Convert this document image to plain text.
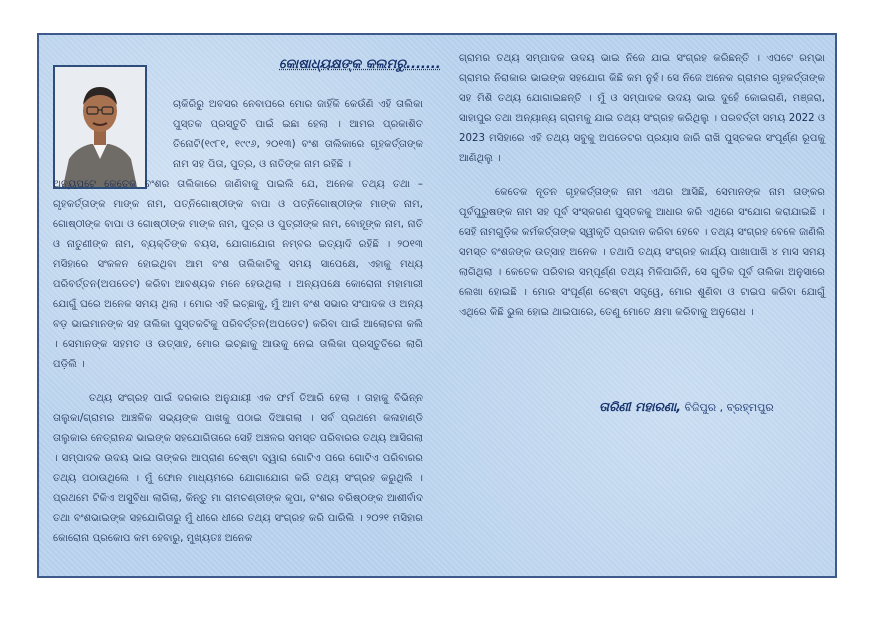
କୋଷାଧ୍ୟକ୍ଷଙ୍କ କଲମରୁ.......

ଚାକିରିରୁ ଅବସର ନେବାପରେ ମୋର ଜାହିଁକି କେଉଁଣି ଏହି ତାଲିକା ପୁସ୍ତକ ପ୍ରସ୍ତୁତି ପାଇଁ ଇଛା ହେଲା । ଆମର ପ୍ରକାଶିତ ତିନୋଟି(୧୯୮୧, ୧୯୯୬, ୨୦୧୩) ବଂଶ ତାଲିକାରେ ଗୃହକର୍ତ୍ତାଙ୍କ ନାମ ସହ ପିତା, ପୁତ୍ର, ଓ ନାତିଙ୍କ ନାମ ରହିଛି ।

ଅନ୍ୟପଟେ କେତେକ ବଂଶର ତାଲିକାରେ ଜାଣିବାକୁ ପାଇଲି ଯେ, ଅନେକ ତଥ୍ୟ ତଥା – ଗୃହକର୍ତ୍ତାଙ୍କ ମାଙ୍କ ନାମ, ପତ୍ନିଗୋଷ୍ଠୀଙ୍କ ବାପା ଓ ପତ୍ନିଗୋଷ୍ଠୀଙ୍କ ମାଙ୍କ ନାମ, ଗୋଷ୍ଠୀଙ୍କ ବାପା ଓ ଗୋଷ୍ଠୀଙ୍କ ମାଙ୍କ ନାମ, ପୁତ୍ର ଓ ପୁତ୍ରୀଙ୍କ ନାମ, ବୋହୂଙ୍କ ନାମ, ନାତି ଓ ନାତୁଣୀଙ୍କ ନାମ, ବ୍ୟକ୍ତିଙ୍କ ବୟସ, ଯୋଗାଯୋଗ ନମ୍ବର ଇତ୍ୟାଦି ରହିଛି । ୨୦୧୩ ମସିହାରେ ସଂକଳନ ହୋଇଥିବା ଆମ ବଂଶ ତାଲିକାଟିକୁ ସମୟ ସାପେକ୍ଷେ, ଏହାକୁ ମଧ୍ୟ ପରିବର୍ତ୍ତନ(ଅପଡେଟ) କରିବା ଆବଶ୍ୟକ ମନେ ହେଉଥିଲା । ଅନ୍ୟପକ୍ଷେ କୋରୋନା ମହାମାରୀ ଯୋଗୁଁ ଘରେ ଅନେକ ସମୟ ଥିଲା । ମୋର ଏହି ଇଚ୍ଛାକୁ, ମୁଁ ଆମ ବଂଶ ସଭାର ସଂପାଦକ ଓ ଅନ୍ୟ ବଡ଼ ଭାଇମାନଙ୍କ ସହ ତାଲିକା ପୁସ୍ତକଟିକୁ ପରିବର୍ତ୍ତନ(ଅପଡେଟ) କରିବା ପାଇଁ ଆଲୋଚନା କଲି । ସେମାନଙ୍କ ସହମତ ଓ ଉତ୍ସାହ, ମୋର ଇଚ୍ଛାକୁ ଆଉକୁ ନେଇ ତାଲିକା ପ୍ରସ୍ତୁତିରେ ଲାଗି ପଡ଼ିଲି ।

ତଥ୍ୟ ସଂଗ୍ରହ ପାଇଁ ଦରକାର ଅନୁଯାୟୀ ଏକ ଫର୍ମ ତିଆରି ହେଲା । ତାହାକୁ ବିଭିନ୍ନ ତାଲୁକା/ଗ୍ରାମର ଆଞ୍ଚଳିକ ସଭ୍ୟଙ୍କ ପାଖକୁ ପଠାଇ ଦିଆଗଲା । ସର୍ବ ପ୍ରଥମେ କଳାହାଣ୍ଡି ତାଲୁକାର ନେତ୍ରାନନ୍ଦ ଭାଇଙ୍କ ସହଯୋଗିତାରେ ସେହି ଅଞ୍ଚଳର ସମସ୍ତ ପରିବାରର ତଥ୍ୟ ଆସିଗଲା । ସମ୍ପାଦକ ଉଦୟ ଭାଇ ତାଙ୍କର ଆପ୍ରାଣ ଚେଷ୍ଟା ଦ୍ୱାରା ଗୋଟିଏ ପରେ ଗୋଟିଏ ପରିବାରର ତଥ୍ୟ ପଠାଉଥିଲେ । ମୁଁ ଫୋନ ମାଧ୍ୟମରେ ଯୋଗାଯୋଗ କରି ତଥ୍ୟ ସଂଗ୍ରହ କରୁଥିଲି । ପ୍ରଥମେ ଟିକିଏ ଅସୁବିଧା ଲାଗିଲା, କିନ୍ତୁ ମା ରାମଚଣ୍ଡୀଙ୍କ କୃପା, ବଂଶର ବରିଷ୍ଠଙ୍କ ଆଶୀର୍ବାଦ ତଥା ବଂଶଭାଇଙ୍କ ସହଯୋଗିତାରୁ ମୁଁ ଧୀରେ ଧୀରେ ତଥ୍ୟ ସଂଗ୍ରହ କରି ପାରିଲି । ୨୦୨୧ ମସିହାର କୋରୋନା ପ୍ରକୋପ କମ ହେବାରୁ, ମୁଖ୍ୟତଃ ଅନେକ

ଗ୍ରାମର ତଥ୍ୟ ସମ୍ପାଦକ ଉଦୟ ଭାଇ ନିଜେ ଯାଇ ସଂଗ୍ରହ କରିଛନ୍ତି । ଏପଟେ ରମ୍ଭା ଗ୍ରାମର ନିରାକାର ଭାଇଙ୍କ ସହଯୋଗ କିଛି କମ ନୁହଁ। ସେ ନିଜେ ଅନେକ ଗ୍ରାମର ଗୃହକର୍ତ୍ତାଙ୍କ ସହ ମିଶି ତଥ୍ୟ ଯୋଗାଇଛନ୍ତି । ମୁଁ ଓ ସମ୍ପାଦକ ଉଦୟ ଭାଇ ଦୁହେଁ କୋଇରାଣି, ମଞ୍ଜରା, ସାହାପୁର ତଥା ଅନ୍ୟାନ୍ୟ ଗ୍ରାମକୁ ଯାଇ ତଥ୍ୟ ସଂଗ୍ରହ କରିଥିଲୁ । ପରବର୍ତ୍ତୀ ସମୟ 2022 ଓ 2023 ମସିହାରେ ଏହି ତଥ୍ୟ ସବୁକୁ ଅପଡେଟର ପ୍ରୟାସ ଜାରି ରାଖି ପୁସ୍ତକର ସଂପୂର୍ଣ୍ଣ ରୂପକୁ ଆଣିଥିଲୁ ।

କେତେକ ନୂତନ ଗୃହକର୍ତ୍ତାଙ୍କ ନାମ ଏଥର ଆସିଛି, ସେମାନଙ୍କ ନାମ ତାଙ୍କର ପୂର୍ବପୁରୁଷଙ୍କ ନାମ ସହ ପୂର୍ବ ସଂସ୍କରଣ ପୁସ୍ତକକୁ ଆଧାର କରି ଏଥିରେ ସଂଯୋଗ କରାଯାଇଛି । ସେହି ନାମଗୁଡ଼ିକ କର୍ମକର୍ତ୍ତାଙ୍କ ସ୍ୱୀକୃତି ପ୍ରଦାନ କରିବା ହେବେ । ତଥ୍ୟ ସଂଗ୍ରହ ବେଳେ ଜାଣିଲି ସମସ୍ତ ବଂଶଜଙ୍କ ଉତ୍ସାହ ଅନେକ । ତଥାପି ତଥ୍ୟ ସଂଗ୍ରହ କାର୍ଯ୍ୟ ପାଖାପାଖି ୪ ମାସ ସମୟ ଲାଗିଥିଲା । କେତେକ ପରିବାର ସମ୍ପୂର୍ଣ୍ଣ ତଥ୍ୟ ମିଳିପାରିନି, ସେ ଗୁଡିକ ପୂର୍ବ ତାଲିକା ଅନୁସାରେ ଲେଖା ହୋଇଛି । ମୋର ସଂପୂର୍ଣ୍ଣ ଚେଷ୍ଟା ସତ୍ତ୍ୱେ, ମୋର ଶୁଣିବା ଓ ଟାଇପ କରିବା ଯୋଗୁଁ ଏଥିରେ କିଛି ଭୁଲ ହୋଇ ଥାଇପାରେ, ତେଣୁ ମୋତେ କ୍ଷମା କରିବାକୁ ଅନୁରୋଧ ।

ତାରିଣୀ ମହାରଣା, ବିଜିପୁର , ବ୍ରହ୍ମପୁର
